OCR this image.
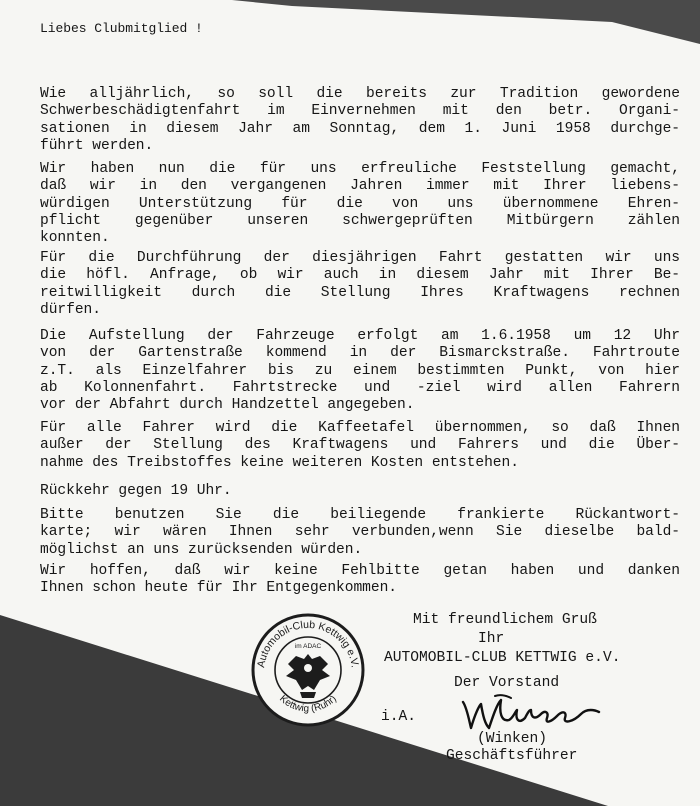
Liebes Clubmitglied !
Wie alljährlich, so soll die bereits zur Tradition gewordene
Schwerbeschädigtenfahrt im Einvernehmen mit den betr. Organi-
sationen in diesem Jahr am Sonntag, dem 1. Juni 1958 durchge-
führt werden.
Wir haben nun die für uns erfreuliche Feststellung gemacht,
daß wir in den vergangenen Jahren immer mit Ihrer liebens-
würdigen Unterstützung für die von uns übernommene Ehren-
pflicht gegenüber unseren schwergeprüften Mitbürgern zählen
konnten.
Für die Durchführung der diesjährigen Fahrt gestatten wir uns
die höfl. Anfrage, ob wir auch in diesem Jahr mit Ihrer Be-
reitwilligkeit durch die Stellung Ihres Kraftwagens rechnen
dürfen.
Die Aufstellung der Fahrzeuge erfolgt am 1.6.1958 um 12 Uhr
von der Gartenstraße kommend in der Bismarckstraße. Fahrtroute
z.T. als Einzelfahrer bis zu einem bestimmten Punkt, von hier
ab Kolonnenfahrt. Fahrtstrecke und -ziel wird allen Fahrern
vor der Abfahrt durch Handzettel angegeben.
Für alle Fahrer wird die Kaffeetafel übernommen, so daß Ihnen
außer der Stellung des Kraftwagens und Fahrers und die Über-
nahme des Treibstoffes keine weiteren Kosten entstehen.
Rückkehr gegen 19 Uhr.
Bitte benutzen Sie die beiliegende frankierte Rückantwort-
karte; wir wären Ihnen sehr verbunden,wenn Sie dieselbe bald-
möglichst an uns zurücksenden würden.
Wir hoffen, daß wir keine Fehlbitte getan haben und danken
Ihnen schon heute für Ihr Entgegenkommen.
Mit freundlichem Gruß
Ihr
AUTOMOBIL-CLUB KETTWIG e.V.
Der Vorstand
i.A.
(Winken)
Geschäftsführer
Automobil-Club Kettwig e.V.
Kettwig (Ruhr)
im ADAC
